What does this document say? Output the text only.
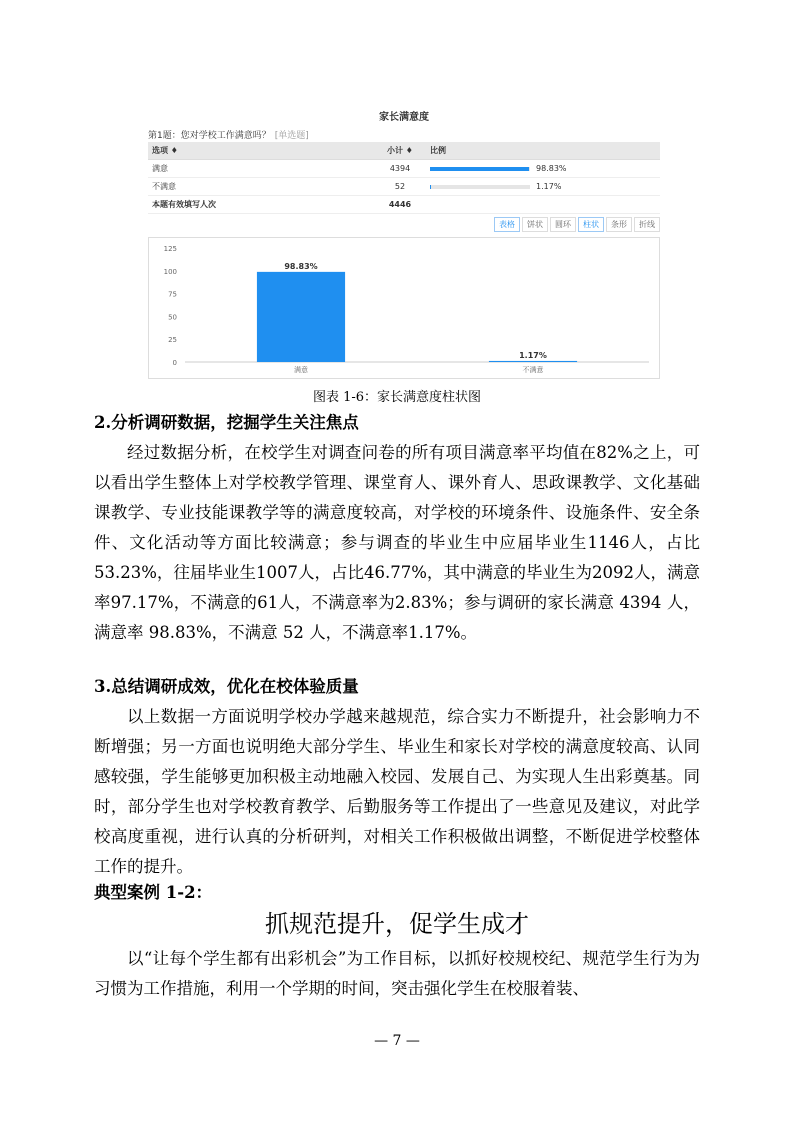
家长满意度
第1题：您对学校工作满意吗？ [单选题]
选项 ♦	小计 ♦	比例
满意	4394	98.83%
不满意	52	1.17%
本题有效填写人次	4446	
表格 饼状 圆环 柱状 条形 折线
0
25
50
75
100
125
98.83%
满意
1.17%
不满意
图表 1-6：家长满意度柱状图
2.分析调研数据，挖掘学生关注焦点
经过数据分析，在校学生对调查问卷的所有项目满意率平均值在82%之上，可以看出学生整体上对学校教学管理、课堂育人、课外育人、思政课教学、文化基础课教学、专业技能课教学等的满意度较高，对学校的环境条件、设施条件、安全条件、文化活动等方面比较满意；参与调查的毕业生中应届毕业生1146人，占比53.23%，往届毕业生1007人，占比46.77%，其中满意的毕业生为2092人，满意率97.17%，不满意的61人，不满意率为2.83%；参与调研的家长满意 4394 人，满意率 98.83%，不满意 52 人，不满意率1.17%。
3.总结调研成效，优化在校体验质量
以上数据一方面说明学校办学越来越规范，综合实力不断提升，社会影响力不断增强；另一方面也说明绝大部分学生、毕业生和家长对学校的满意度较高、认同感较强，学生能够更加积极主动地融入校园、发展自己、为实现人生出彩奠基。同时，部分学生也对学校教育教学、后勤服务等工作提出了一些意见及建议，对此学校高度重视，进行认真的分析研判，对相关工作积极做出调整，不断促进学校整体工作的提升。
典型案例 1-2：
抓规范提升，促学生成才
以“让每个学生都有出彩机会”为工作目标，以抓好校规校纪、规范学生行为为习惯为工作措施，利用一个学期的时间，突击强化学生在校服着装、
— 7 —
